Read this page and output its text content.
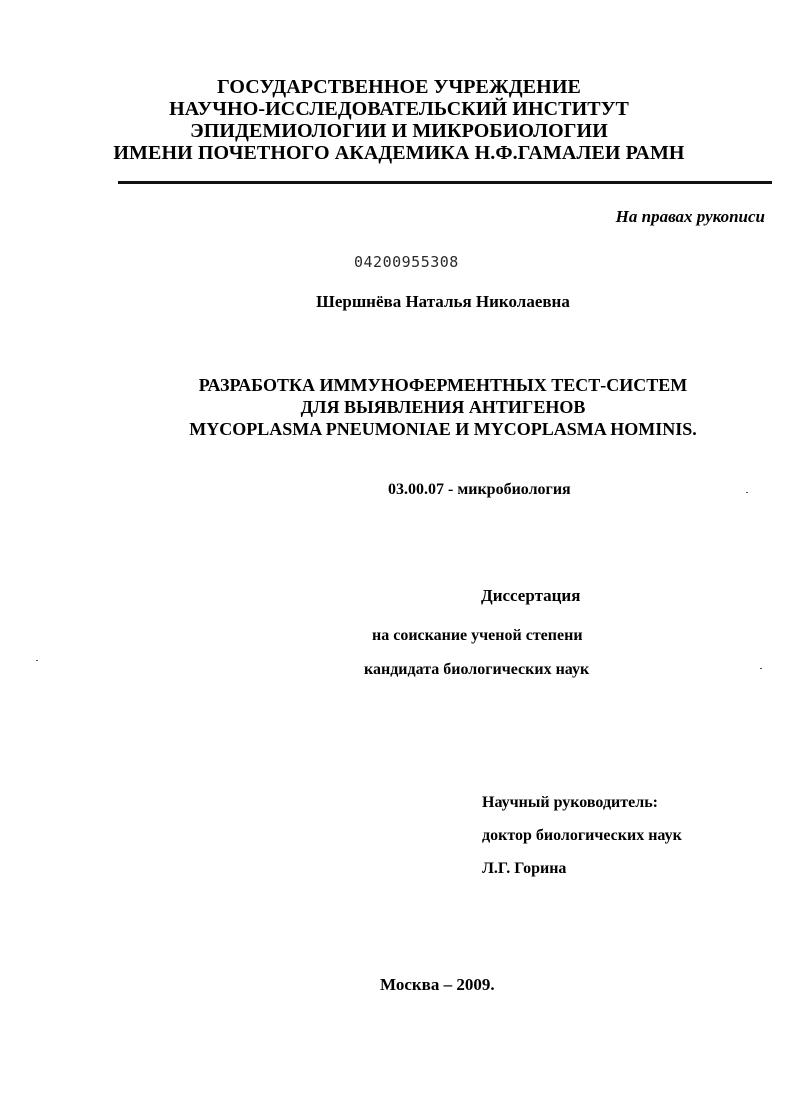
ГОСУДАРСТВЕННОЕ УЧРЕЖДЕНИЕ
НАУЧНО-ИССЛЕДОВАТЕЛЬСКИЙ ИНСТИТУТ
ЭПИДЕМИОЛОГИИ И МИКРОБИОЛОГИИ
ИМЕНИ ПОЧЕТНОГО АКАДЕМИКА Н.Ф.ГАМАЛЕИ РАМН
На правах рукописи
04200955308
Шершнёва Наталья Николаевна
РАЗРАБОТКА ИММУНОФЕРМЕНТНЫХ ТЕСТ-СИСТЕМ
ДЛЯ ВЫЯВЛЕНИЯ АНТИГЕНОВ
MYCOPLASMA PNEUMONIAE И MYCOPLASMA HOMINIS.
03.00.07 - микробиология
Диссертация
на соискание ученой степени
кандидата биологических наук
Научный руководитель:
доктор биологических наук
Л.Г. Горина
Москва – 2009.
